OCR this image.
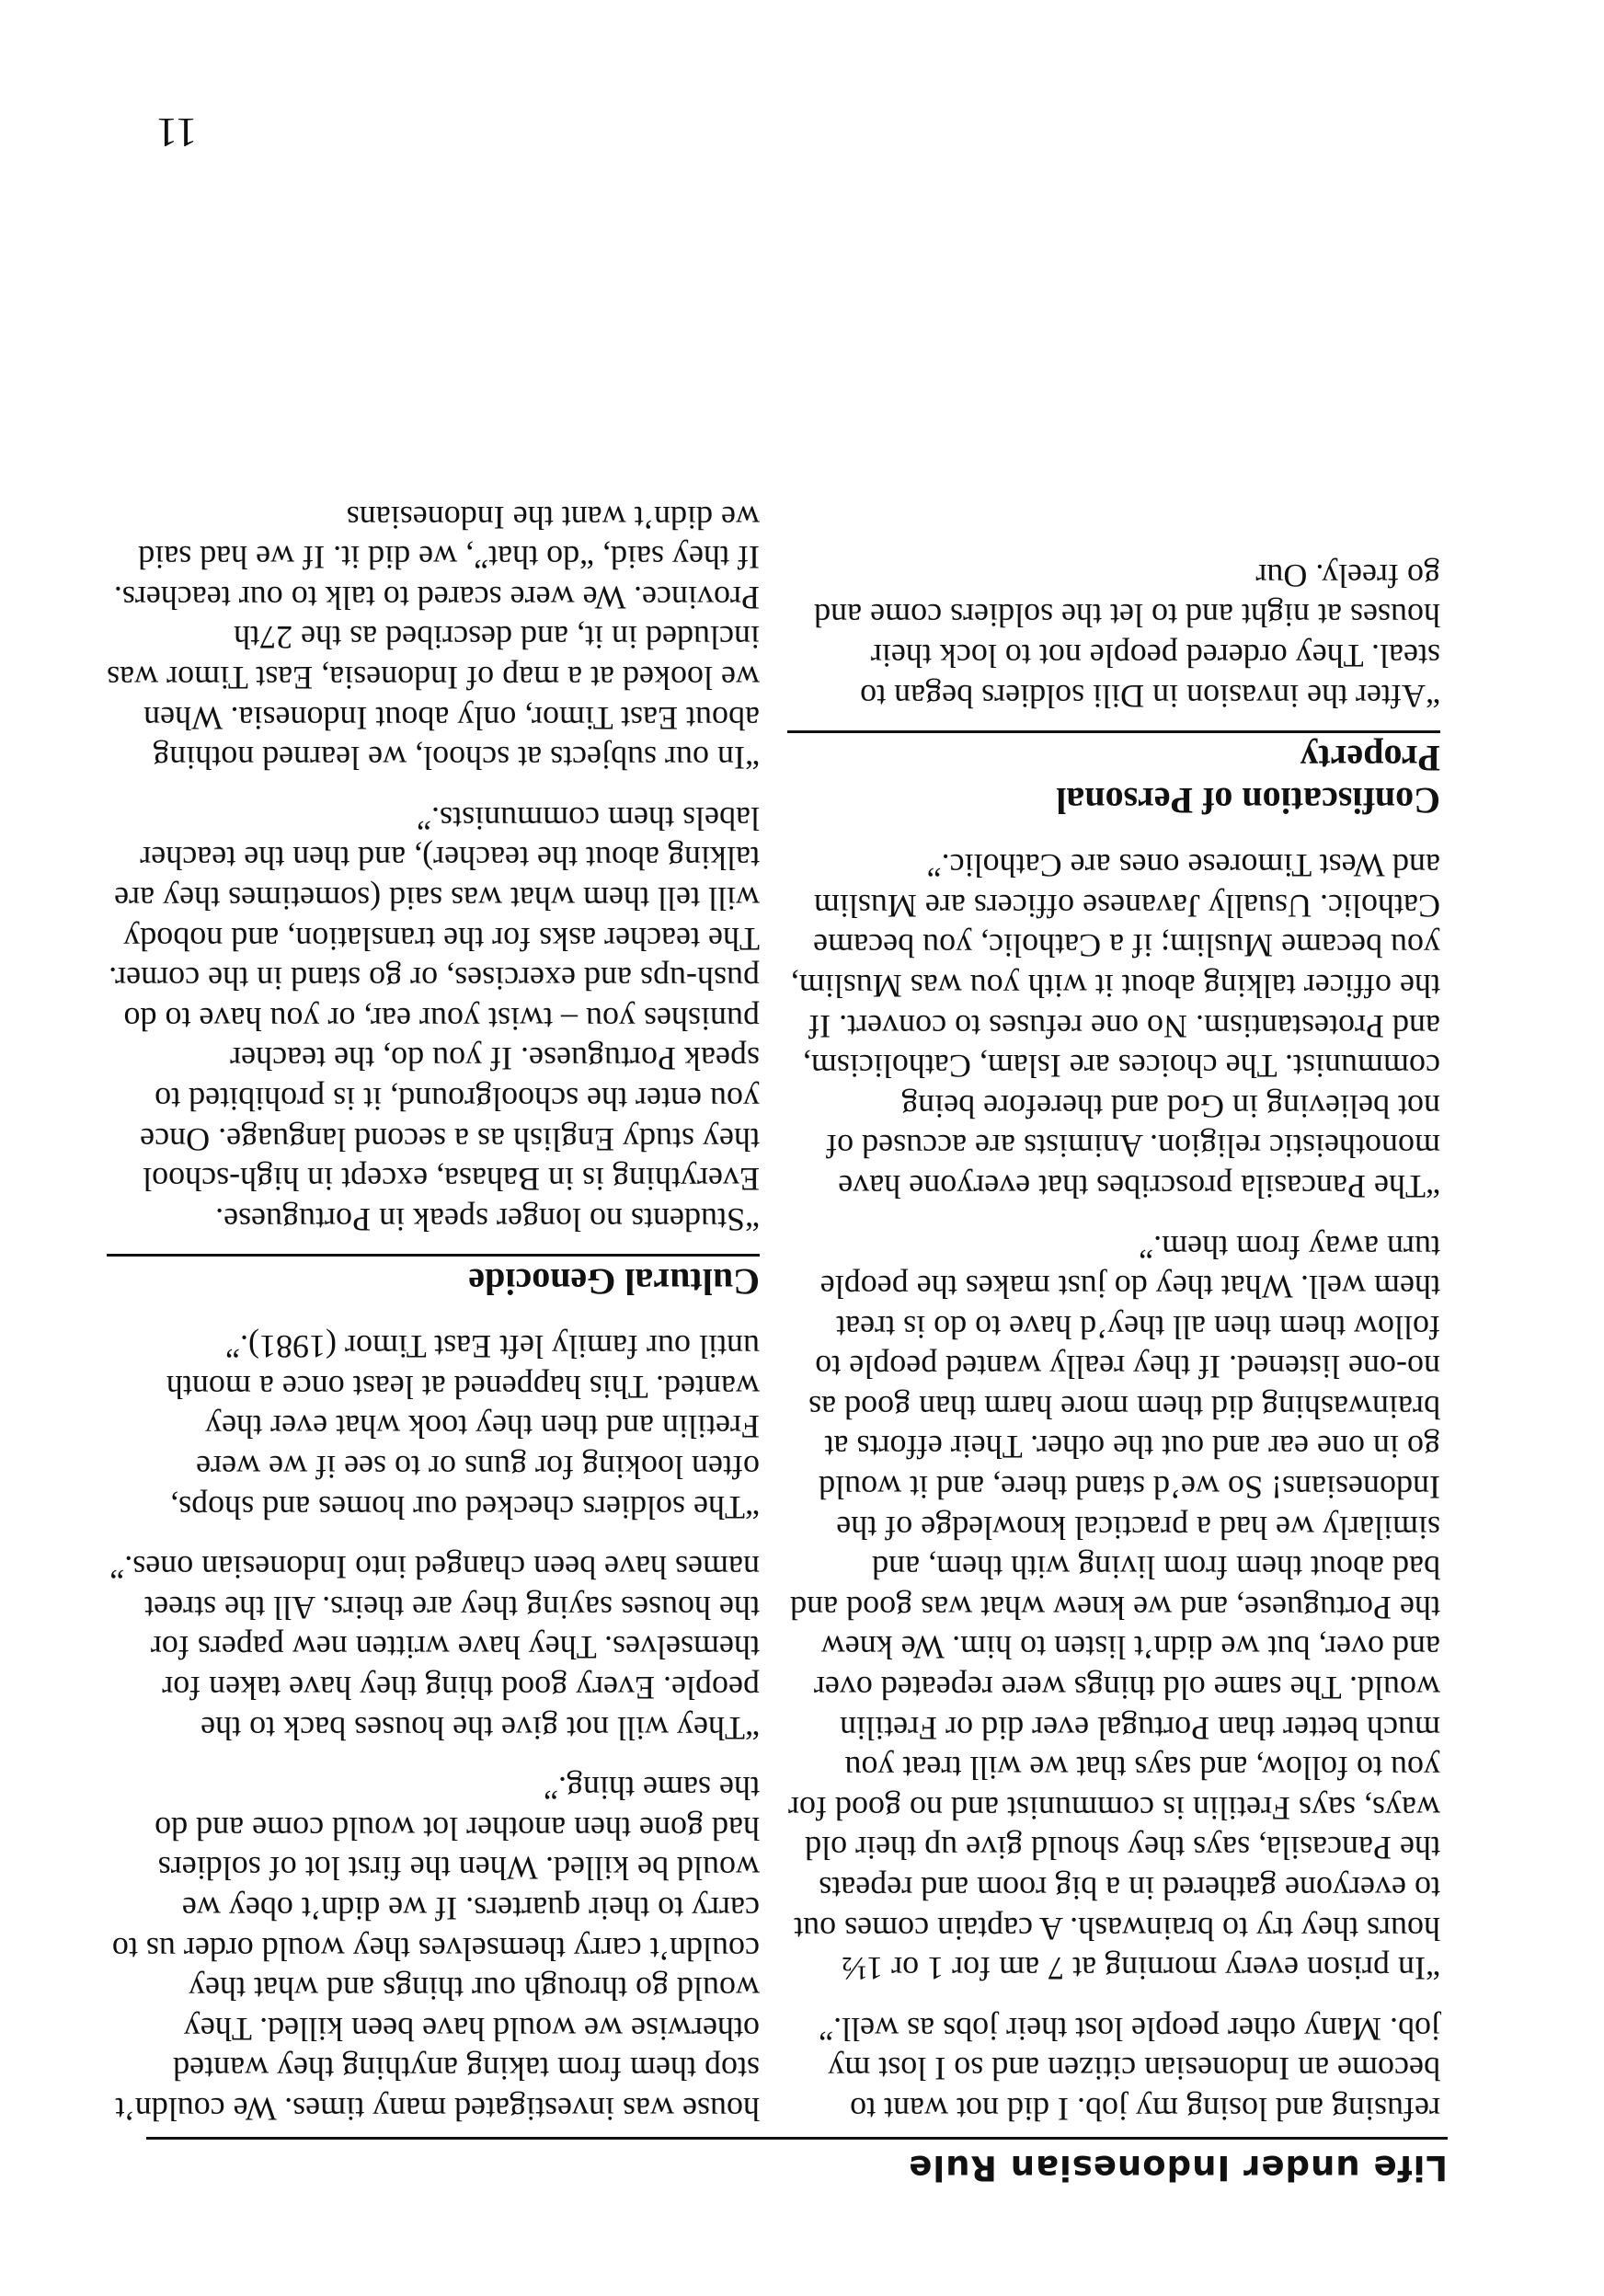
Life under Indonesian Rule

refusing and losing my job. I did not want to become an Indonesian citizen and so I lost my job. Many other people lost their jobs as well.”

“In prison every morning at 7 am for 1 or 1½ hours they try to brainwash. A captain comes out to everyone gathered in a big room and repeats the Pancasila, says they should give up their old ways, says Fretilin is communist and no good for you to follow, and says that we will treat you much better than Portugal ever did or Fretilin would. The same old things were repeated over and over, but we didn’t listen to him. We knew the Portuguese, and we knew what was good and bad about them from living with them, and similarly we had a practical knowledge of the Indonesians! So we’d stand there, and it would go in one ear and out the other. Their efforts at brainwashing did them more harm than good as no-one listened. If they really wanted people to follow them then all they’d have to do is treat them well. What they do just makes the people turn away from them.”

“The Pancasila proscribes that everyone have monotheistic religion. Animists are accused of not believing in God and therefore being communist. The choices are Islam, Catholicism, and Protestantism. No one refuses to convert. If the officer talking about it with you was Muslim, you became Muslim; if a Catholic, you became Catholic. Usually Javanese officers are Muslim and West Timorese ones are Catholic.”

Confiscation of Personal
Property

“After the invasion in Dili soldiers began to steal. They ordered people not to lock their houses at night and to let the soldiers come and go freely. Our

house was investigated many times. We couldn’t stop them from taking anything they wanted otherwise we would have been killed. They would go through our things and what they couldn’t carry themselves they would order us to carry to their quarters. If we didn’t obey we would be killed. When the first lot of soldiers had gone then another lot would come and do the same thing.”

“They will not give the houses back to the people. Every good thing they have taken for themselves. They have written new papers for the houses saying they are theirs. All the street names have been changed into Indonesian ones.”

“The soldiers checked our homes and shops, often looking for guns or to see if we were Fretilin and then they took what ever they wanted. This happened at least once a month until our family left East Timor (1981).”

Cultural Genocide

“Students no longer speak in Portuguese. Everything is in Bahasa, except in high-school they study English as a second language. Once you enter the schoolground, it is prohibited to speak Portuguese. If you do, the teacher punishes you – twist your ear, or you have to do push-ups and exercises, or go stand in the corner. The teacher asks for the translation, and nobody will tell them what was said (sometimes they are talking about the teacher), and then the teacher labels them communists.”

“In our subjects at school, we learned nothing about East Timor, only about Indonesia. When we looked at a map of Indonesia, East Timor was included in it, and described as the 27th Province. We were scared to talk to our teachers. If they said, “do that”, we did it. If we had said we didn’t want the Indonesians

11
